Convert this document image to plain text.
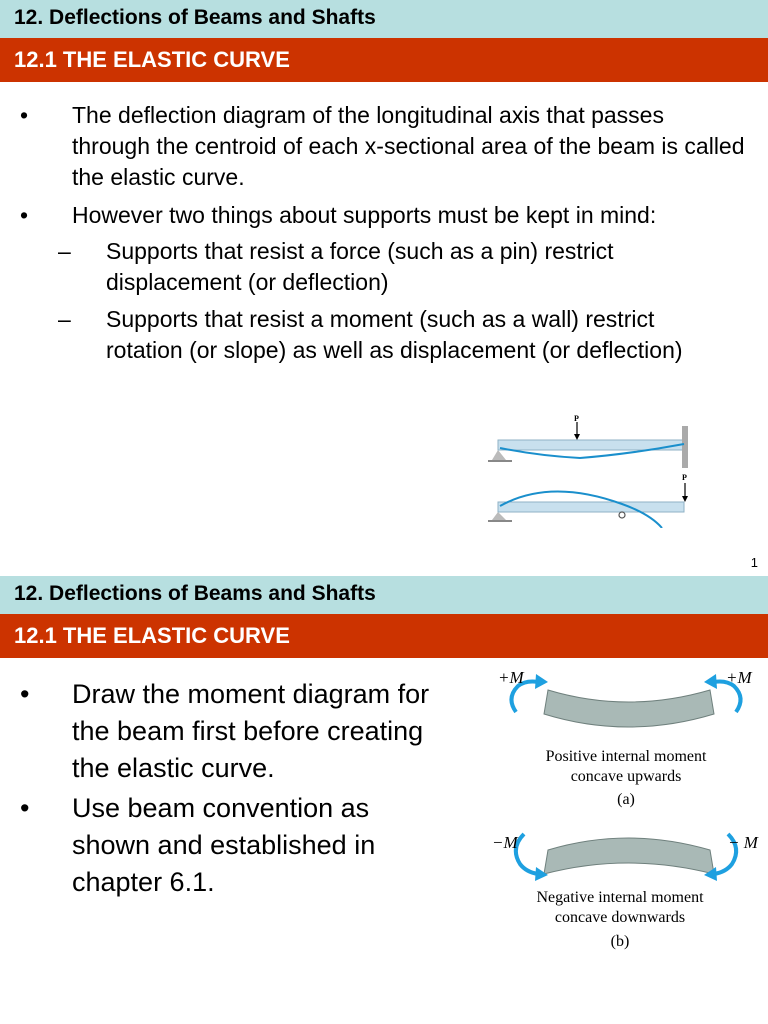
12. Deflections of Beams and Shafts
12.1 THE ELASTIC CURVE
• The deflection diagram of the longitudinal axis that passes through the centroid of each x-sectional area of the beam is called the elastic curve.
• However two things about supports must be kept in mind:
– Supports that resist a force (such as a pin) restrict displacement (or deflection)
– Supports that resist a moment (such as a wall) restrict rotation (or slope) as well as displacement (or deflection)
P
P
1
12. Deflections of Beams and Shafts
12.1 THE ELASTIC CURVE
• Draw the moment diagram for the beam first before creating the elastic curve.
• Use beam convention as shown and established in chapter 6.1.
+M	+M
Positive internal moment
concave upwards
(a)
−M	− M
Negative internal moment
concave downwards
(b)
